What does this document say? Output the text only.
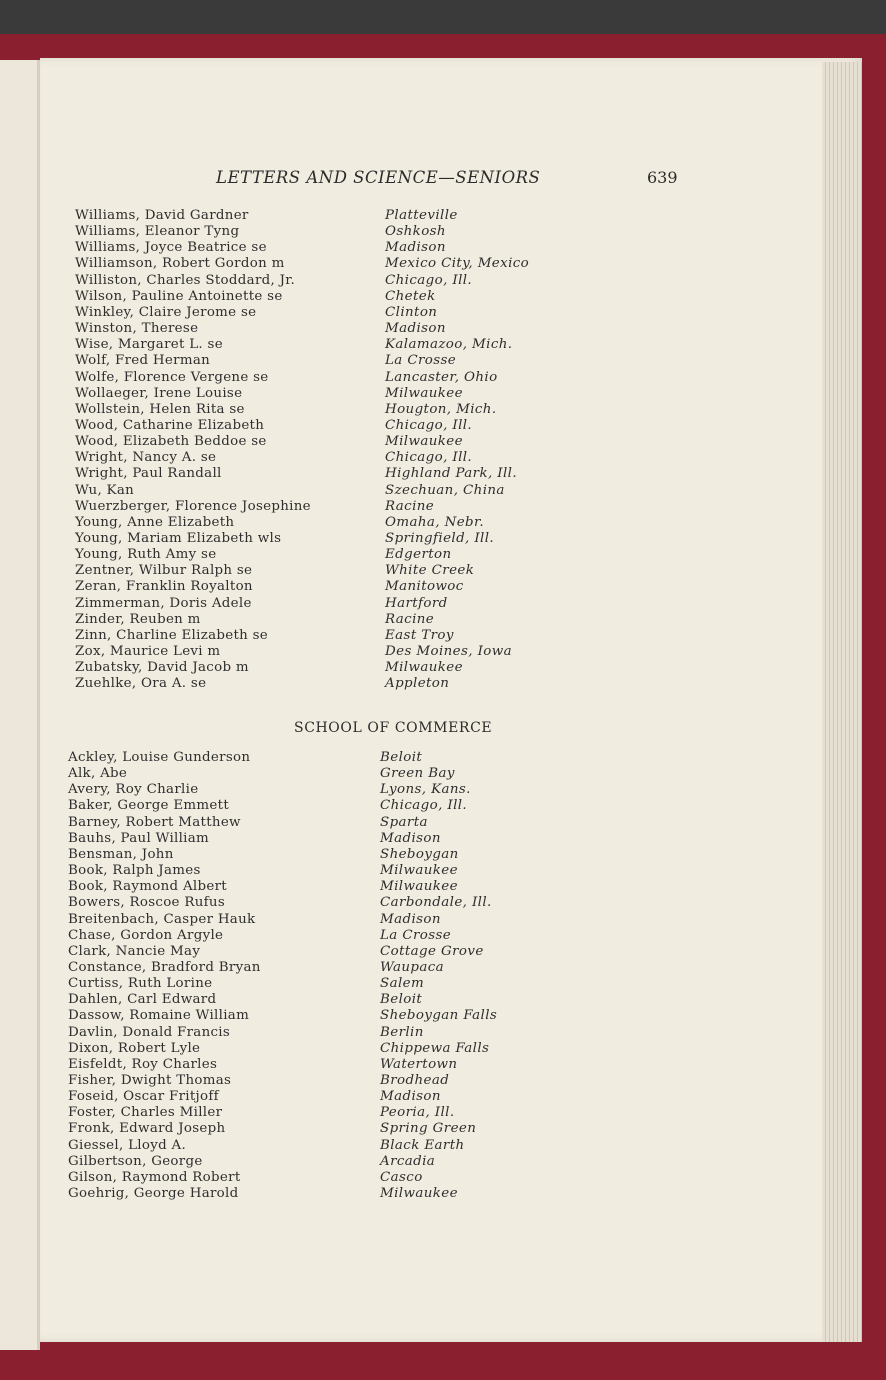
LETTERS AND SCIENCE—SENIORS	639
Williams, David Gardner	Platteville
Williams, Eleanor Tyng	Oshkosh
Williams, Joyce Beatrice se	Madison
Williamson, Robert Gordon m	Mexico City, Mexico
Williston, Charles Stoddard, Jr.	Chicago, Ill.
Wilson, Pauline Antoinette se	Chetek
Winkley, Claire Jerome se	Clinton
Winston, Therese	Madison
Wise, Margaret L. se	Kalamazoo, Mich.
Wolf, Fred Herman	La Crosse
Wolfe, Florence Vergene se	Lancaster, Ohio
Wollaeger, Irene Louise	Milwaukee
Wollstein, Helen Rita se	Hougton, Mich.
Wood, Catharine Elizabeth	Chicago, Ill.
Wood, Elizabeth Beddoe se	Milwaukee
Wright, Nancy A. se	Chicago, Ill.
Wright, Paul Randall	Highland Park, Ill.
Wu, Kan	Szechuan, China
Wuerzberger, Florence Josephine	Racine
Young, Anne Elizabeth	Omaha, Nebr.
Young, Mariam Elizabeth wls	Springfield, Ill.
Young, Ruth Amy se	Edgerton
Zentner, Wilbur Ralph se	White Creek
Zeran, Franklin Royalton	Manitowoc
Zimmerman, Doris Adele	Hartford
Zinder, Reuben m	Racine
Zinn, Charline Elizabeth se	East Troy
Zox, Maurice Levi m	Des Moines, Iowa
Zubatsky, David Jacob m	Milwaukee
Zuehlke, Ora A. se	Appleton
SCHOOL OF COMMERCE
Ackley, Louise Gunderson	Beloit
Alk, Abe	Green Bay
Avery, Roy Charlie	Lyons, Kans.
Baker, George Emmett	Chicago, Ill.
Barney, Robert Matthew	Sparta
Bauhs, Paul William	Madison
Bensman, John	Sheboygan
Book, Ralph James	Milwaukee
Book, Raymond Albert	Milwaukee
Bowers, Roscoe Rufus	Carbondale, Ill.
Breitenbach, Casper Hauk	Madison
Chase, Gordon Argyle	La Crosse
Clark, Nancie May	Cottage Grove
Constance, Bradford Bryan	Waupaca
Curtiss, Ruth Lorine	Salem
Dahlen, Carl Edward	Beloit
Dassow, Romaine William	Sheboygan Falls
Davlin, Donald Francis	Berlin
Dixon, Robert Lyle	Chippewa Falls
Eisfeldt, Roy Charles	Watertown
Fisher, Dwight Thomas	Brodhead
Foseid, Oscar Fritjoff	Madison
Foster, Charles Miller	Peoria, Ill.
Fronk, Edward Joseph	Spring Green
Giessel, Lloyd A.	Black Earth
Gilbertson, George	Arcadia
Gilson, Raymond Robert	Casco
Goehrig, George Harold	Milwaukee
